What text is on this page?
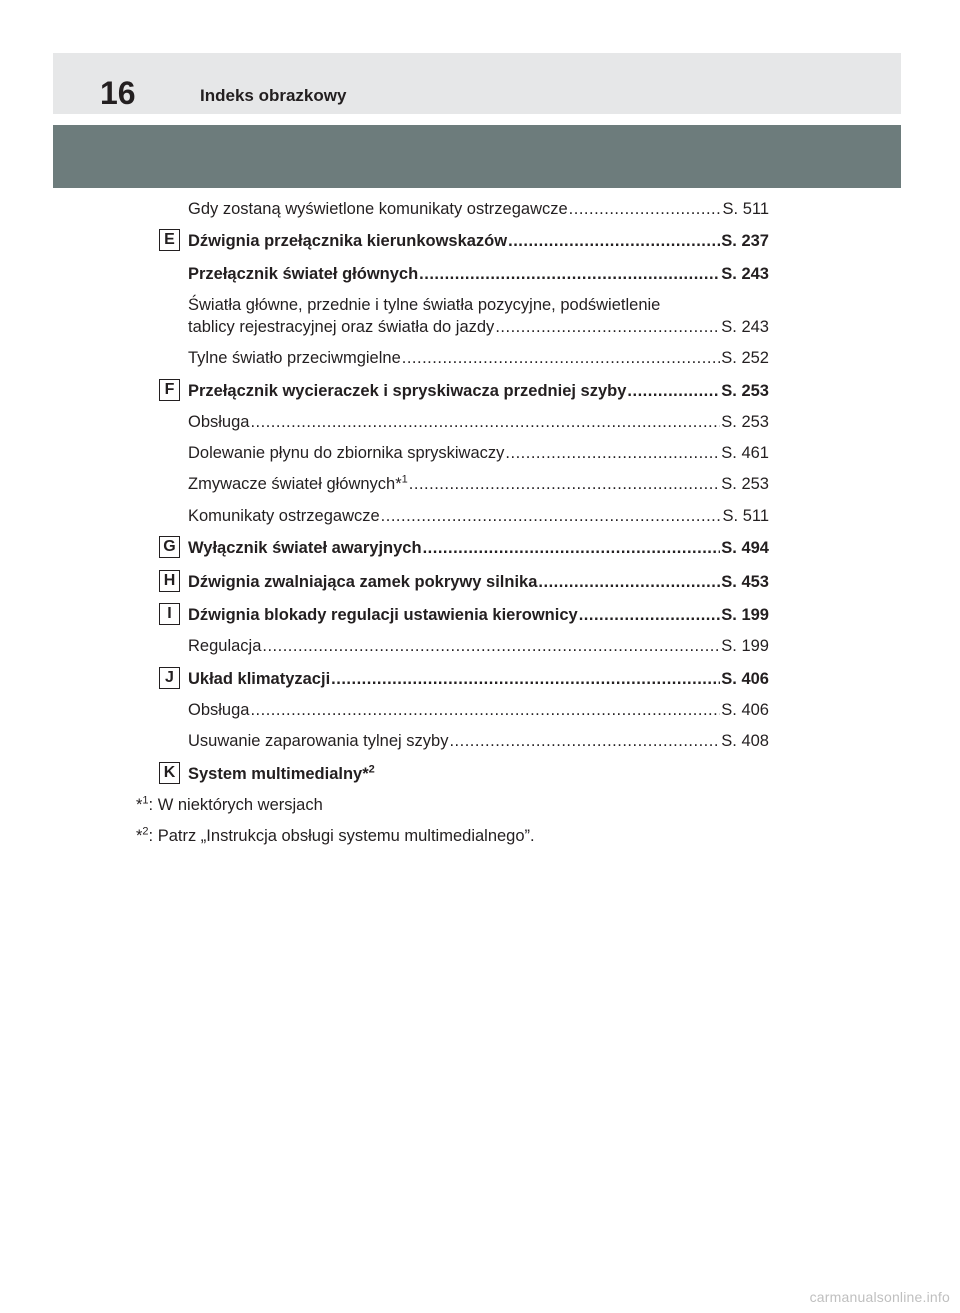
16	Indeks obrazkowy
Gdy zostaną wyświetlone komunikaty ostrzegawcze .....	S. 511
E Dźwignia przełącznika kierunkowskazów .....	S. 237
Przełącznik świateł głównych .....	S. 243
Światła główne, przednie i tylne światła pozycyjne, podświetlenie
tablicy rejestracyjnej oraz światła do jazdy .....	S. 243
Tylne światło przeciwmgielne .....	S. 252
F Przełącznik wycieraczek i spryskiwacza przedniej szyby .....	S. 253
Obsługa .....	S. 253
Dolewanie płynu do zbiornika spryskiwaczy .....	S. 461
Zmywacze świateł głównych*$^1$ .....	S. 253
Komunikaty ostrzegawcze .....	S. 511
G Wyłącznik świateł awaryjnych .....	S. 494
H Dźwignia zwalniająca zamek pokrywy silnika .....	S. 453
I Dźwignia blokady regulacji ustawienia kierownicy .....	S. 199
Regulacja .....	S. 199
J Układ klimatyzacji .....	S. 406
Obsługa .....	S. 406
Usuwanie zaparowania tylnej szyby .....	S. 408
K System multimedialny*$^2$
*$^1$: W niektórych wersjach
*$^2$: Patrz „Instrukcja obsługi systemu multimedialnego”.
carmanualsonline.info
